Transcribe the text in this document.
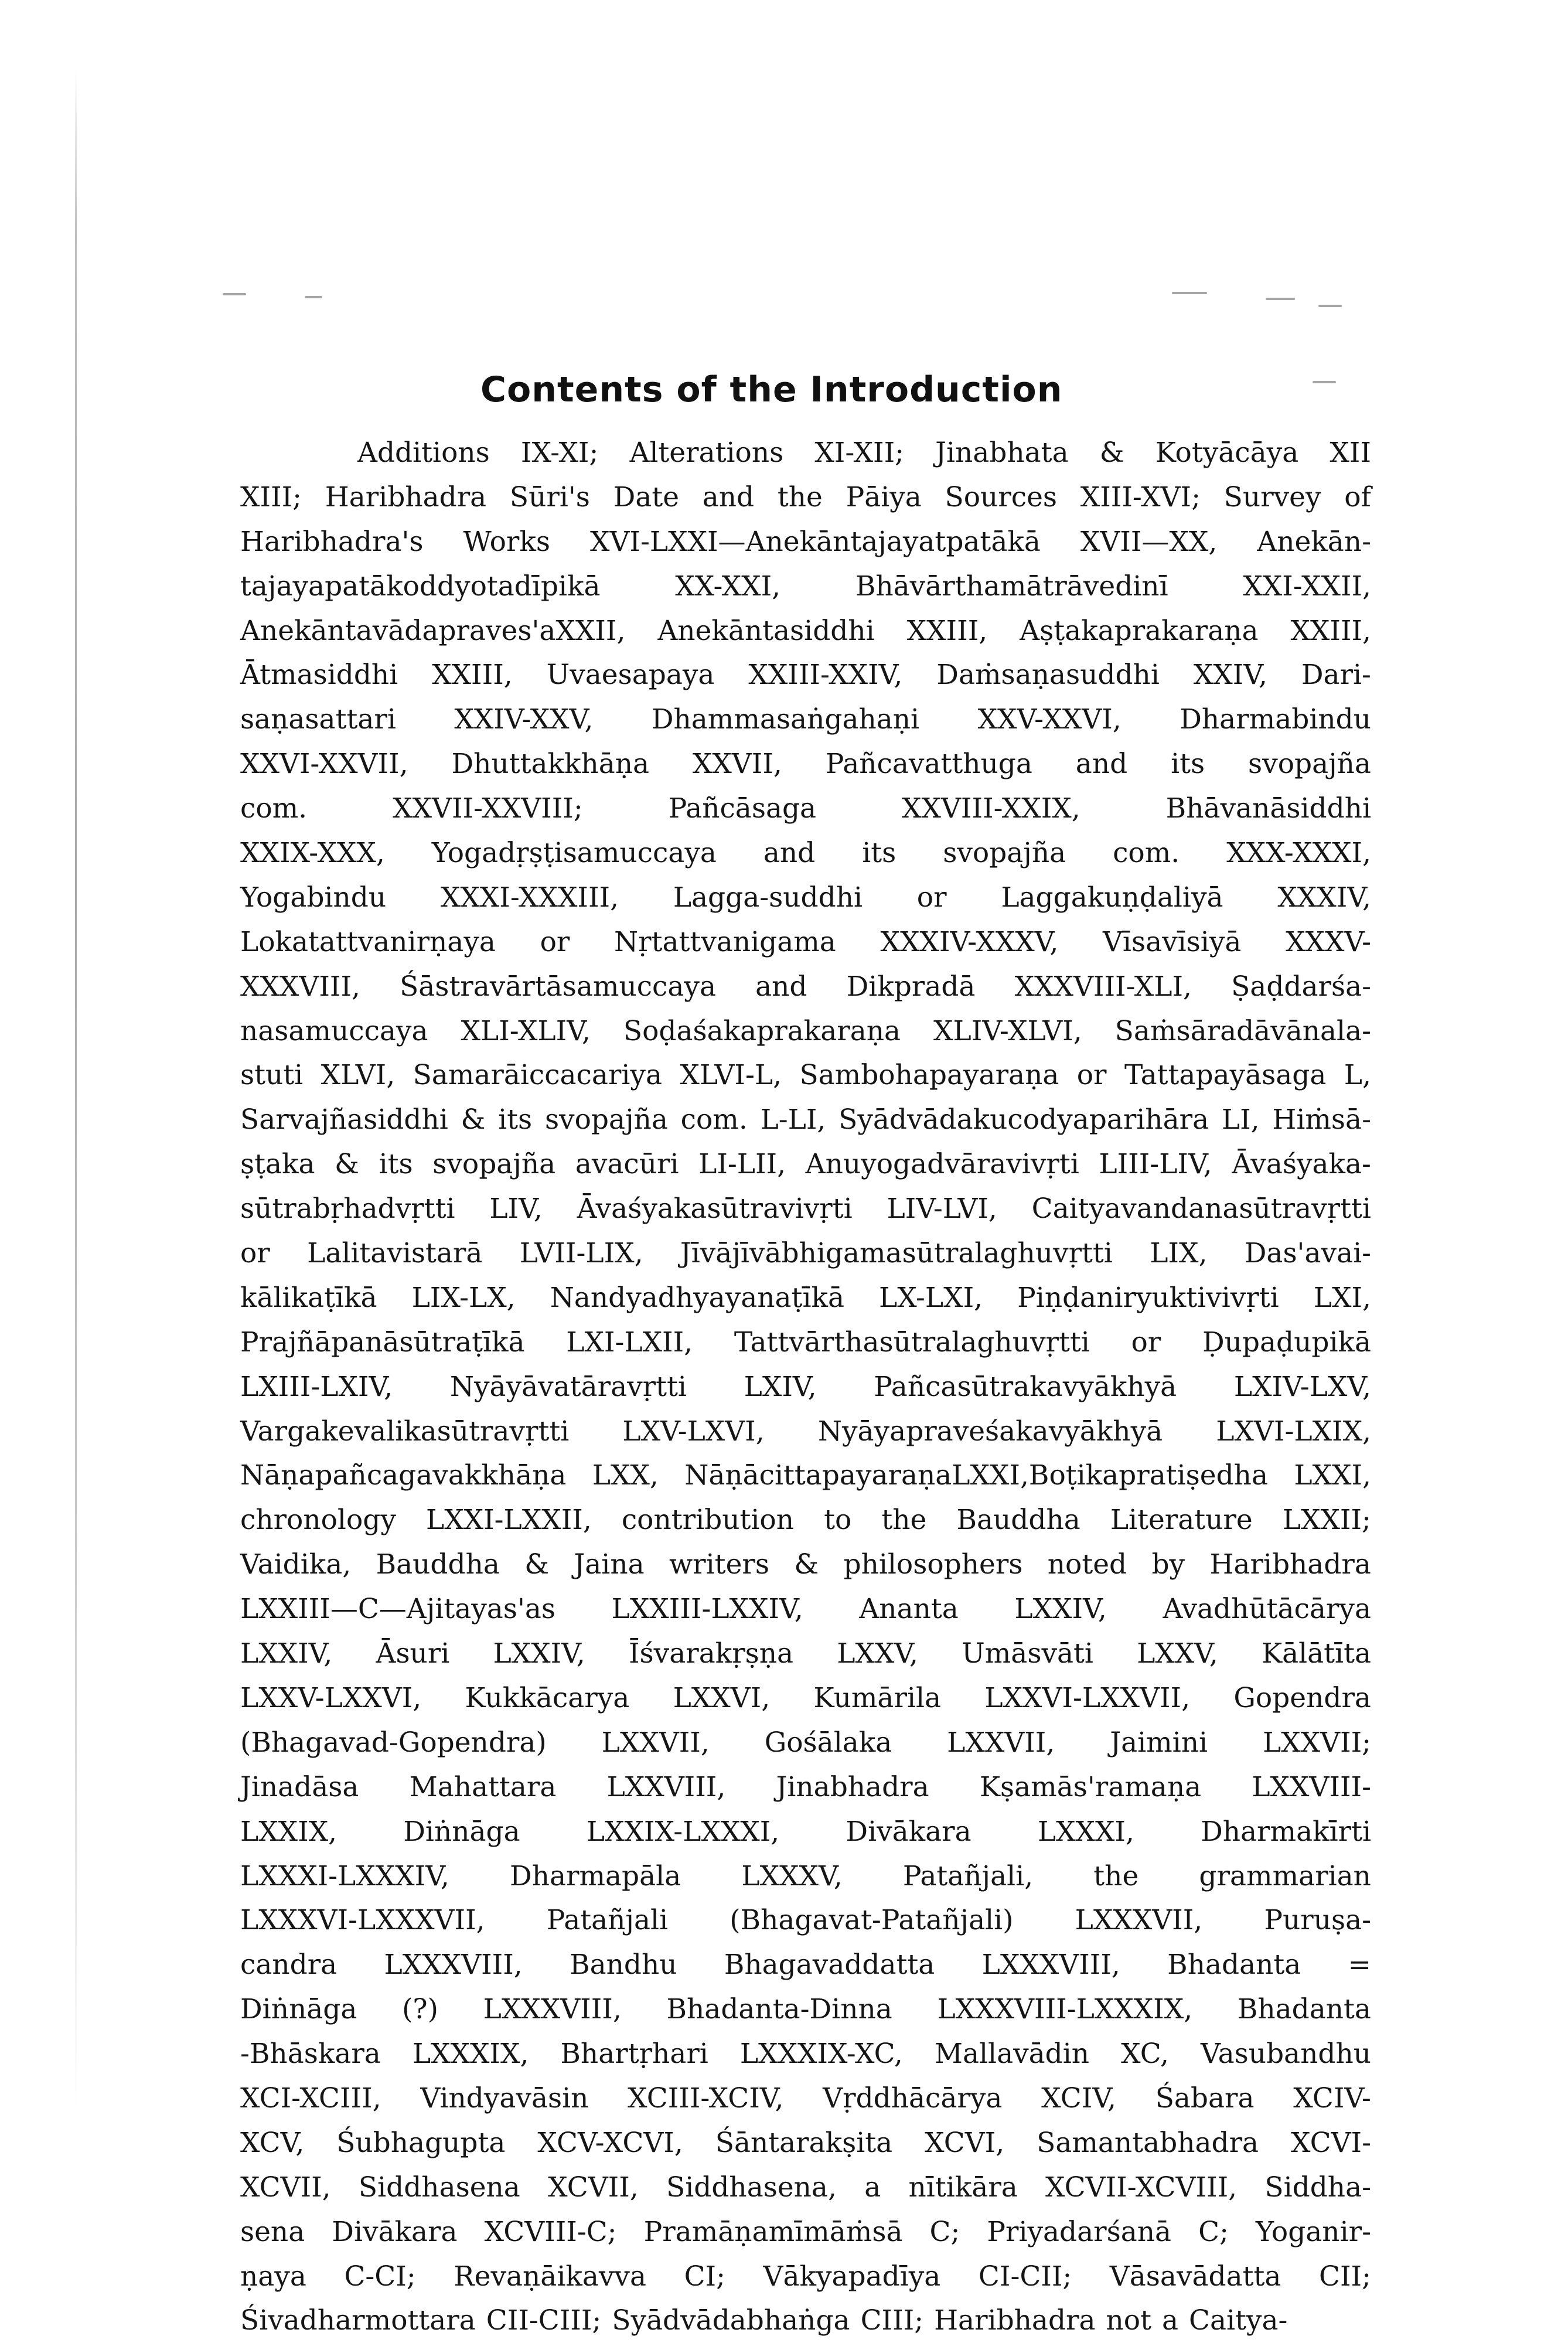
Contents of the Introduction
Additions IX-XI; Alterations XI-XII; Jinabhata & Kotyācāya XII
XIII; Haribhadra Sūri's Date and the Pāiya Sources XIII-XVI; Survey of
Haribhadra's Works XVI-LXXI—Anekāntajayatpatākā XVII—XX, Anekān-
tajayapatākoddyotadīpikā	XX-XXI,	Bhāvārthamātrāvedinī	XXI-XXII,
Anekāntavādapraves'aXXII, Anekāntasiddhi XXIII, Aṣṭakaprakaraṇa XXIII,
Ātmasiddhi XXIII, Uvaesapaya XXIII-XXIV, Daṁsaṇasuddhi XXIV, Dari-
saṇasattari XXIV-XXV, Dhammasaṅgahaṇi XXV-XXVI, Dharmabindu
XXVI-XXVII, Dhuttakkhāṇa XXVII, Pañcavatthuga and its svopajña
com.	XXVII-XXVIII;	Pañcāsaga	XXVIII-XXIX,	Bhāvanāsiddhi
XXIX-XXX, Yogadṛṣṭisamuccaya and its svopajña com. XXX-XXXI,
Yogabindu XXXI-XXXIII, Lagga-suddhi or Laggakuṇḍaliyā XXXIV,
Lokatattvanirṇaya or Nṛtattvanigama XXXIV-XXXV, Vīsavīsiyā XXXV-
XXXVIII, Śāstravārtāsamuccaya and Dikpradā XXXVIII-XLI, Ṣaḍdarśa-
nasamuccaya XLI-XLIV, Soḍaśakaprakaraṇa XLIV-XLVI, Saṁsāradāvānala-
stuti XLVI, Samarāiccacariya XLVI-L, Sambohapayaraṇa or Tattapayāsaga L,
Sarvajñasiddhi & its svopajña com. L-LI, Syādvādakucodyaparihāra LI, Hiṁsā-
ṣṭaka & its svopajña avacūri LI-LII, Anuyogadvāravivṛti LIII-LIV, Āvaśyaka-
sūtrabṛhadvṛtti LIV, Āvaśyakasūtravivṛti LIV-LVI, Caityavandanasūtravṛtti
or Lalitavistarā LVII-LIX, Jīvājīvābhigamasūtralaghuvṛtti LIX, Das'avai-
kālikaṭīkā LIX-LX, Nandyadhyayanaṭīkā LX-LXI, Piṇḍaniryuktivivṛti LXI,
Prajñāpanāsūtraṭīkā LXI-LXII, Tattvārthasūtralaghuvṛtti or Ḍupaḍupikā
LXIII-LXIV, Nyāyāvatāravṛtti LXIV, Pañcasūtrakavyākhyā LXIV-LXV,
Vargakevalikasūtravṛtti LXV-LXVI, Nyāyapraveśakavyākhyā LXVI-LXIX,
Nāṇapañcagavakkhāṇa LXX, NāṇācittapayaraṇaLXXI,Boṭikapratiṣedha LXXI,
chronology LXXI-LXXII, contribution to the Bauddha Literature LXXII;
Vaidika, Bauddha & Jaina writers & philosophers noted by Haribhadra
LXXIII—C—Ajitayas'as LXXIII-LXXIV, Ananta LXXIV, Avadhūtācārya
LXXIV, Āsuri LXXIV, Īśvarakṛṣṇa LXXV, Umāsvāti LXXV, Kālātīta
LXXV-LXXVI, Kukkācarya LXXVI, Kumārila LXXVI-LXXVII, Gopendra
(Bhagavad-Gopendra) LXXVII, Gośālaka LXXVII, Jaimini LXXVII;
Jinadāsa Mahattara LXXVIII, Jinabhadra Kṣamās'ramaṇa LXXVIII-
LXXIX, Diṅnāga LXXIX-LXXXI, Divākara LXXXI, Dharmakīrti
LXXXI-LXXXIV, Dharmapāla LXXXV, Patañjali, the grammarian
LXXXVI-LXXXVII, Patañjali (Bhagavat-Patañjali) LXXXVII, Puruṣa-
candra LXXXVIII, Bandhu Bhagavaddatta LXXXVIII, Bhadanta =
Diṅnāga (?) LXXXVIII, Bhadanta-Dinna LXXXVIII-LXXXIX, Bhadanta
-Bhāskara LXXXIX, Bhartṛhari LXXXIX-XC, Mallavādin XC, Vasubandhu
XCI-XCIII, Vindyavāsin XCIII-XCIV, Vṛddhācārya XCIV, Śabara XCIV-
XCV, Śubhagupta XCV-XCVI, Śāntarakṣita XCVI, Samantabhadra XCVI-
XCVII, Siddhasena XCVII, Siddhasena, a nītikāra XCVII-XCVIII, Siddha-
sena Divākara XCVIII-C; Pramāṇamīmāṁsā C; Priyadarśanā C; Yoganir-
ṇaya C-CI; Revaṇāikavva CI; Vākyapadīya CI-CII; Vāsavādatta CII;
Śivadharmottara CII-CIII; Syādvādabhaṅga CIII; Haribhadra not a Caitya-
